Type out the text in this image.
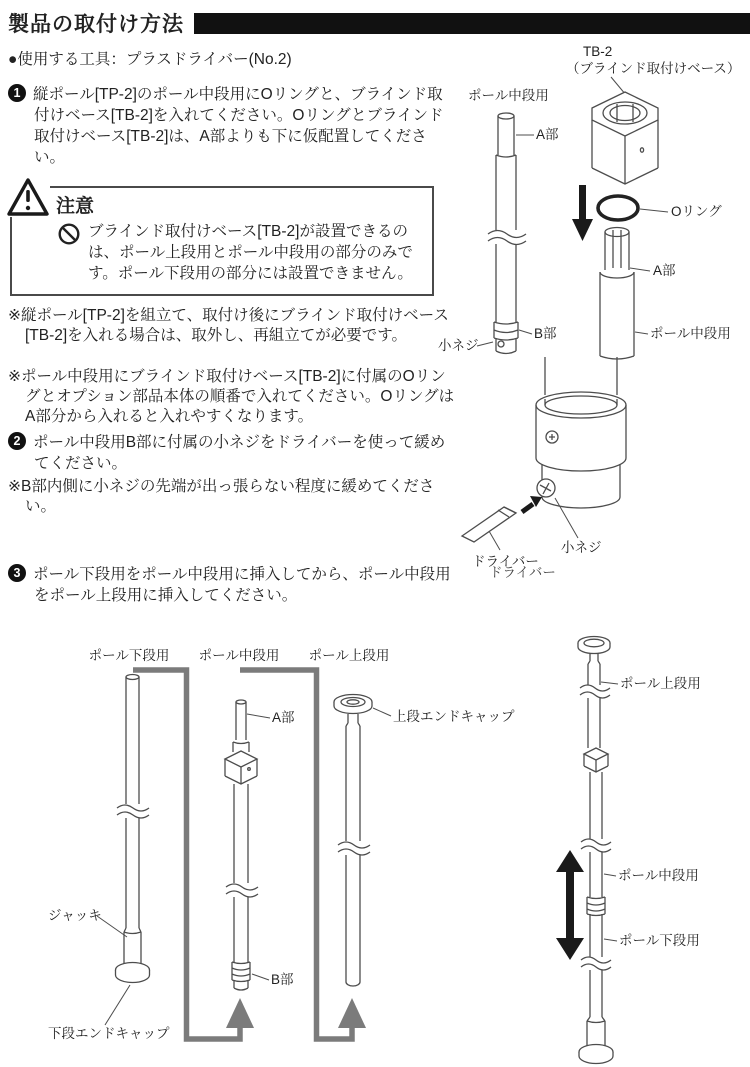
製品の取付け方法
●使用する工具：プラスドライバー(No.2)
1 縦ポール[TP-2]のポール中段用にOリングと、ブラインド取付けベース[TB-2]を入れてください。Oリングとブラインド取付けベース[TB-2]は、A部よりも下に仮配置してください。
注意
ブラインド取付けベース[TB-2]が設置できるのは、ポール上段用とポール中段用の部分のみです。ポール下段用の部分には設置できません。
※縦ポール[TP-2]を組立て、取付け後にブラインド取付けベース[TB-2]を入れる場合は、取外し、再組立てが必要です。
※ポール中段用にブラインド取付けベース[TB-2]に付属のOリングとオプション部品本体の順番で入れてください。OリングはA部分から入れると入れやすくなります。
2 ポール中段用B部に付属の小ネジをドライバーを使って緩めてください。
※B部内側に小ネジの先端が出っ張らない程度に緩めてください。
3 ポール下段用をポール中段用に挿入してから、ポール中段用をポール上段用に挿入してください。
ポール中段用
A部
B部
小ネジ
TB-2
（ブラインド取付けベース）
Oリング
A部
ポール中段用
小ネジ
ドライバー
ドライバー
ポール下段用 ポール中段用 ポール上段用
ジャッキ
下段エンドキャップ
A部
B部
上段エンドキャップ
ポール上段用
ポール中段用
ポール下段用
